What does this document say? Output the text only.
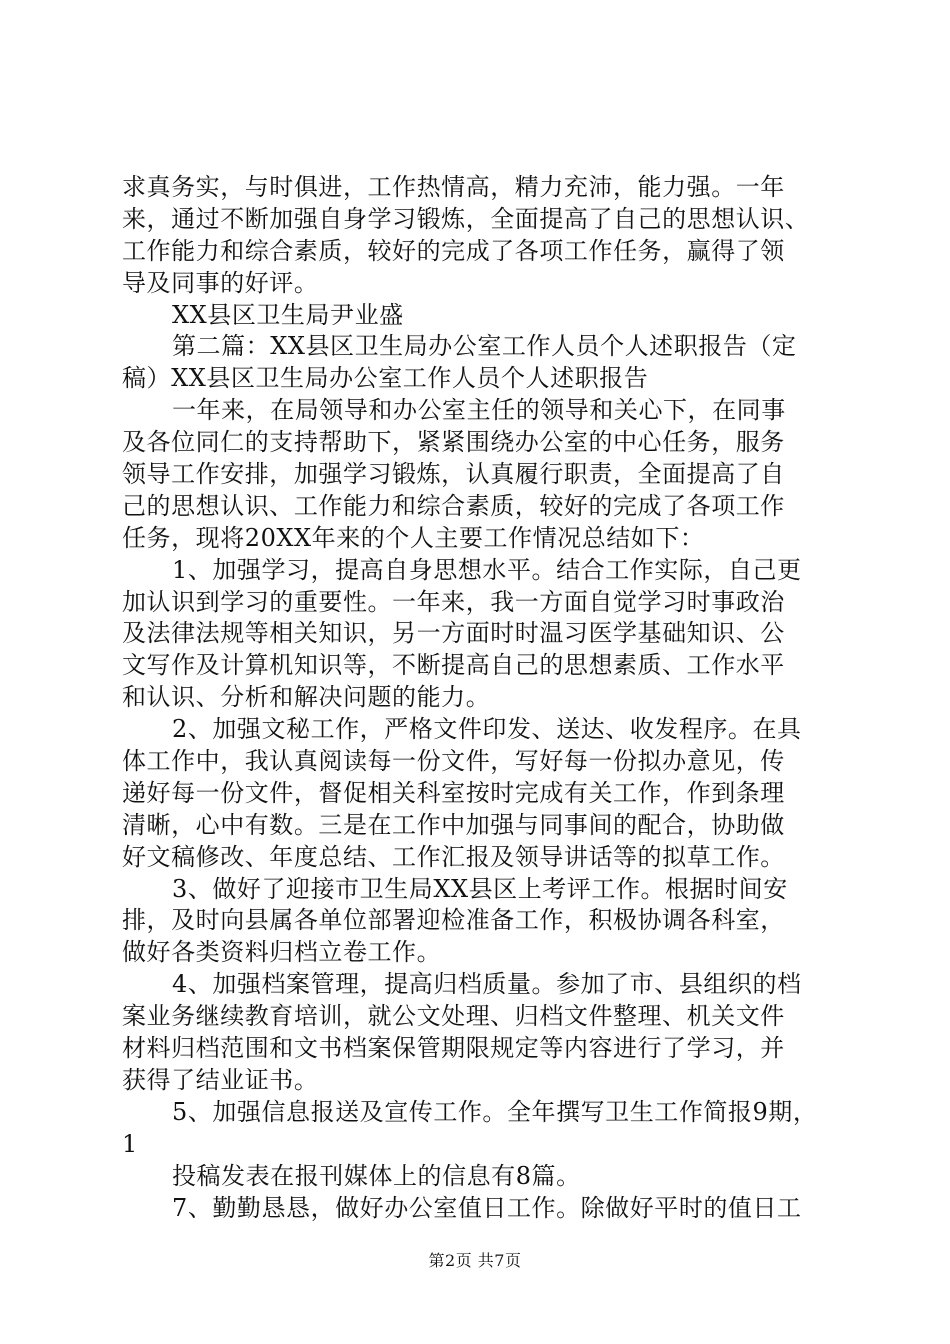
求真务实，与时俱进，工作热情高，精力充沛，能力强。一年
来，通过不断加强自身学习锻炼，全面提高了自己的思想认识、
工作能力和综合素质，较好的完成了各项工作任务，赢得了领
导及同事的好评。
XX县区卫生局尹业盛
第二篇：XX县区卫生局办公室工作人员个人述职报告（定
稿）XX县区卫生局办公室工作人员个人述职报告
一年来，在局领导和办公室主任的领导和关心下，在同事
及各位同仁的支持帮助下，紧紧围绕办公室的中心任务，服务
领导工作安排，加强学习锻炼，认真履行职责，全面提高了自
己的思想认识、工作能力和综合素质，较好的完成了各项工作
任务，现将20XX年来的个人主要工作情况总结如下：
1、加强学习，提高自身思想水平。结合工作实际，自己更
加认识到学习的重要性。一年来，我一方面自觉学习时事政治
及法律法规等相关知识，另一方面时时温习医学基础知识、公
文写作及计算机知识等，不断提高自己的思想素质、工作水平
和认识、分析和解决问题的能力。
2、加强文秘工作，严格文件印发、送达、收发程序。在具
体工作中，我认真阅读每一份文件，写好每一份拟办意见，传
递好每一份文件，督促相关科室按时完成有关工作，作到条理
清晰，心中有数。三是在工作中加强与同事间的配合，协助做
好文稿修改、年度总结、工作汇报及领导讲话等的拟草工作。
3、做好了迎接市卫生局XX县区上考评工作。根据时间安
排，及时向县属各单位部署迎检准备工作，积极协调各科室，
做好各类资料归档立卷工作。
4、加强档案管理，提高归档质量。参加了市、县组织的档
案业务继续教育培训，就公文处理、归档文件整理、机关文件
材料归档范围和文书档案保管期限规定等内容进行了学习，并
获得了结业证书。
5、加强信息报送及宣传工作。全年撰写卫生工作简报9期，
1
投稿发表在报刊媒体上的信息有8篇。
7、勤勤恳恳，做好办公室值日工作。除做好平时的值日工
第2页 共7页
